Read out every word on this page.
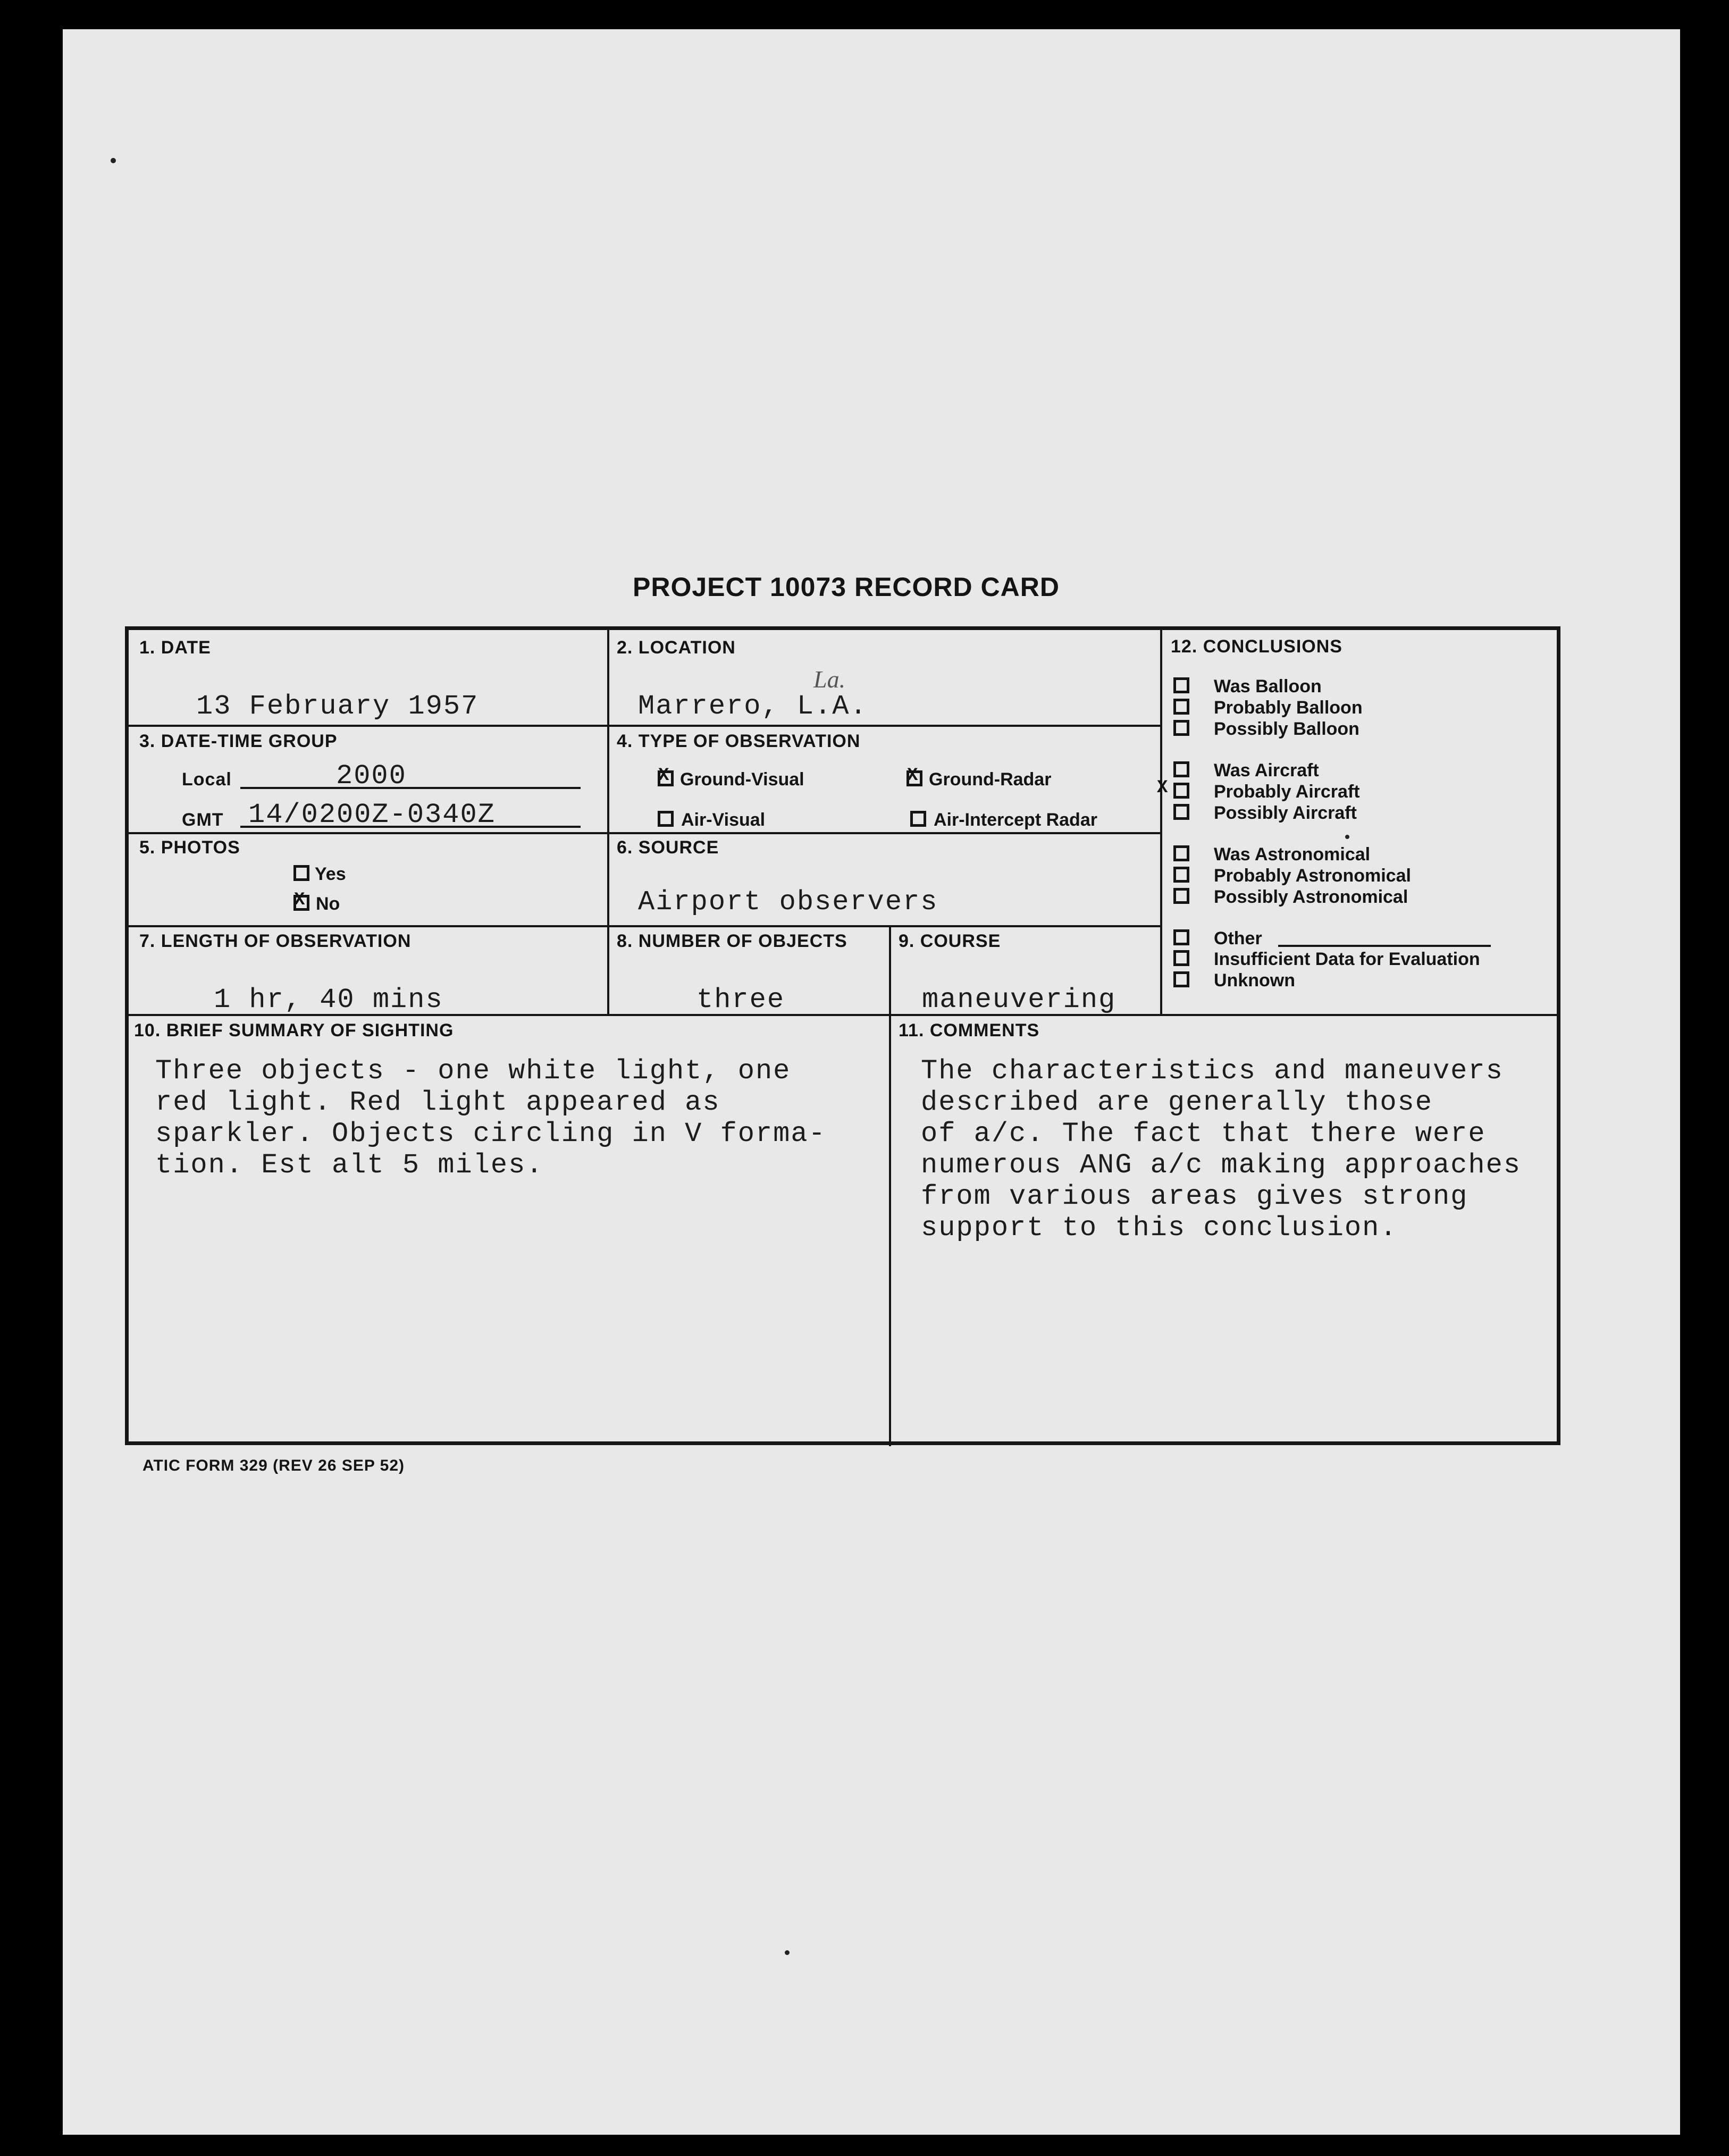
PROJECT 10073 RECORD CARD
1. DATE
13 February 1957
2. LOCATION
Marrero, L.A.
La.
3. DATE-TIME GROUP
Local	2000
GMT 14/0200Z-0340Z
4. TYPE OF OBSERVATION
X Ground-Visual	X Ground-Radar
Air-Visual	Air-Intercept Radar
5. PHOTOS
Yes
X No
6. SOURCE
Airport observers
7. LENGTH OF OBSERVATION
1 hr, 40 mins
8. NUMBER OF OBJECTS
three
9. COURSE
maneuvering
12. CONCLUSIONS
Was Balloon
Probably Balloon
Possibly Balloon
Was Aircraft
X	Probably Aircraft
Possibly Aircraft
Was Astronomical
Probably Astronomical
Possibly Astronomical
Other
Insufficient Data for Evaluation
Unknown
10. BRIEF SUMMARY OF SIGHTING
Three objects - one white light, one
red light. Red light appeared as
sparkler. Objects circling in V forma-
tion. Est alt 5 miles.
11. COMMENTS
The characteristics and maneuvers
described are generally those
of a/c. The fact that there were
numerous ANG a/c making approaches
from various areas gives strong
support to this conclusion.
ATIC FORM 329 (REV 26 SEP 52)
